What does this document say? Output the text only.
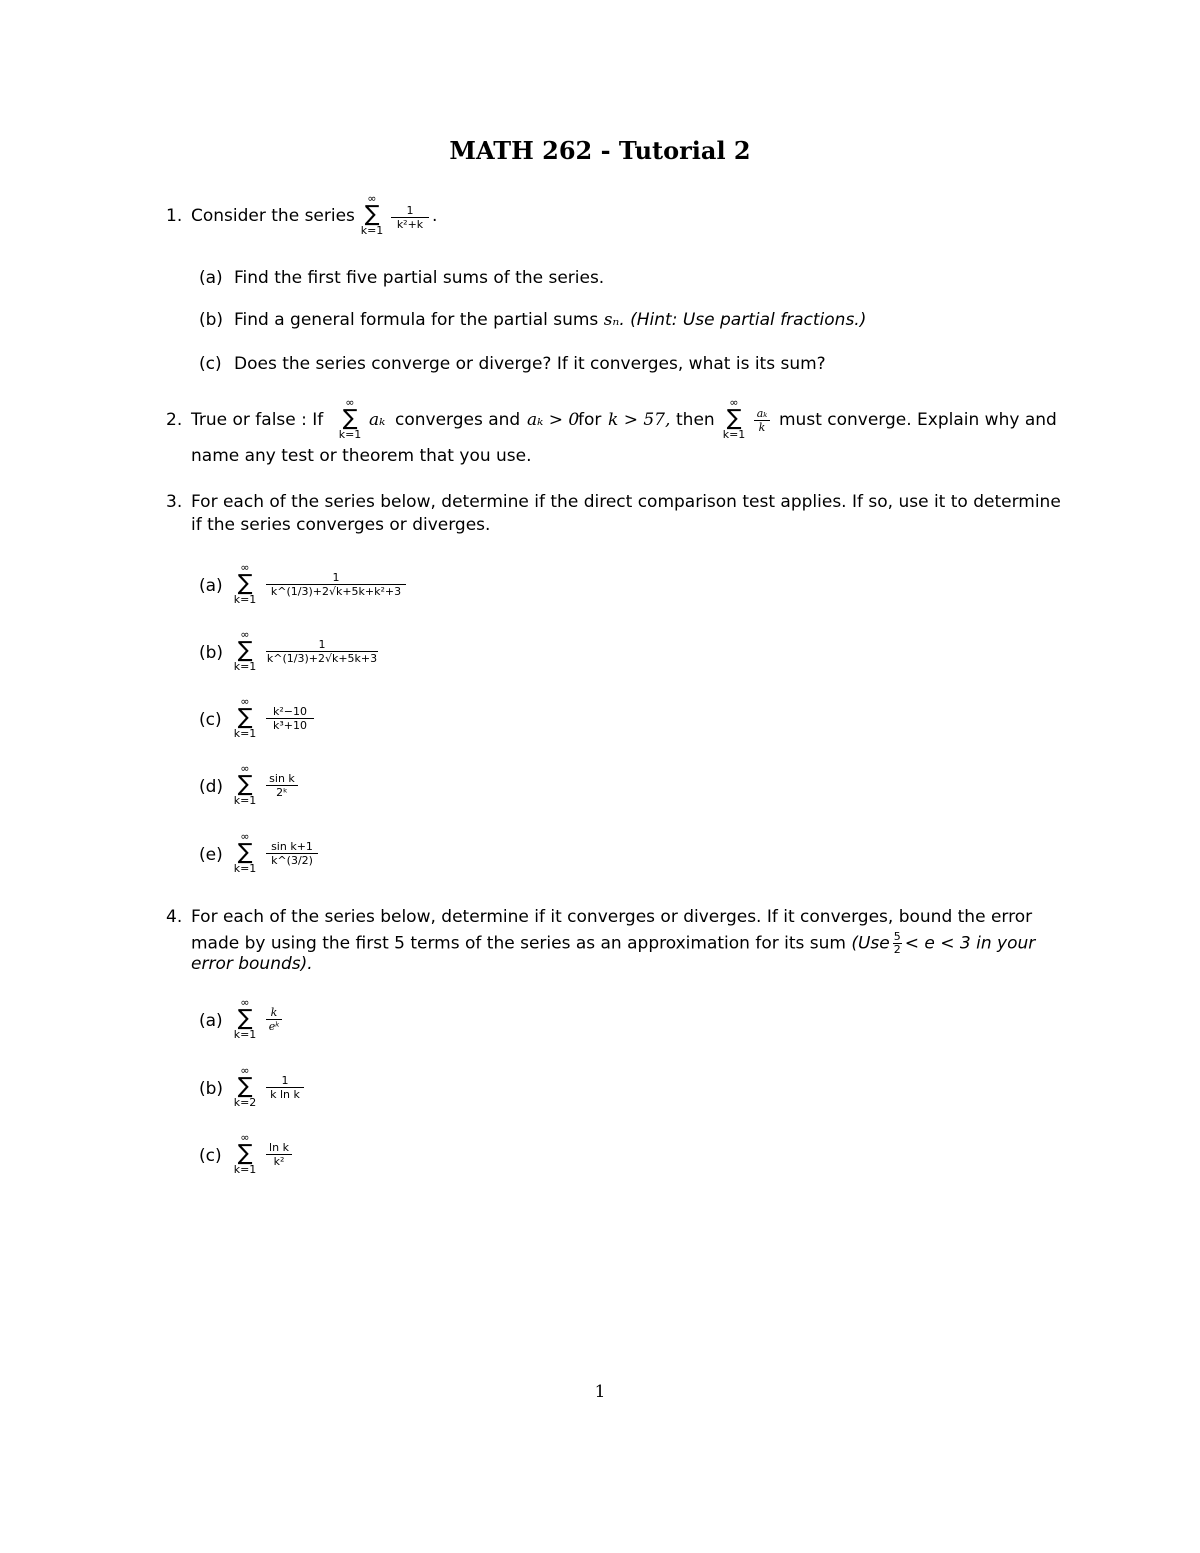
MATH 262 - Tutorial 2
1. Consider the series
∞
∑
k=1
1
k²+k .
(a) Find the first five partial sums of the series.
(b) Find a general formula for the partial sums sₙ. (Hint: Use partial fractions.)
(c) Does the series converge or diverge? If it converges, what is its sum?
2. True or false : If
∞
∑
k=1
aₖ converges and aₖ > 0
for k > 57, then
∞
∑
k=1
aₖ
k must converge. Explain why and
name any test or theorem that you use.
3. For each of the series below, determine if the direct comparison test applies. If so, use it to determine
if the series converges or diverges.
(a)
∞
∑
k=1
1
k^(1/3)+2√k+5k+k²+3
(b)
∞
∑
k=1
1
k^(1/3)+2√k+5k+3
(c)
∞
∑
k=1
k²−10
k³+10
(d)
∞
∑
k=1
sin k
2ᵏ
(e)
∞
∑
k=1
sin k+1
k^(3/2)
4. For each of the series below, determine if it converges or diverges. If it converges, bound the error
made by using the first 5 terms of the series as an approximation for its sum ($Use \frac{5}{2} < e < 3$ in your
error bounds).
(a)
∞
∑
k=1
k
eᵏ
(b)
∞
∑
k=2
1
k ln k
(c)
∞
∑
k=1
ln k
k²
1
